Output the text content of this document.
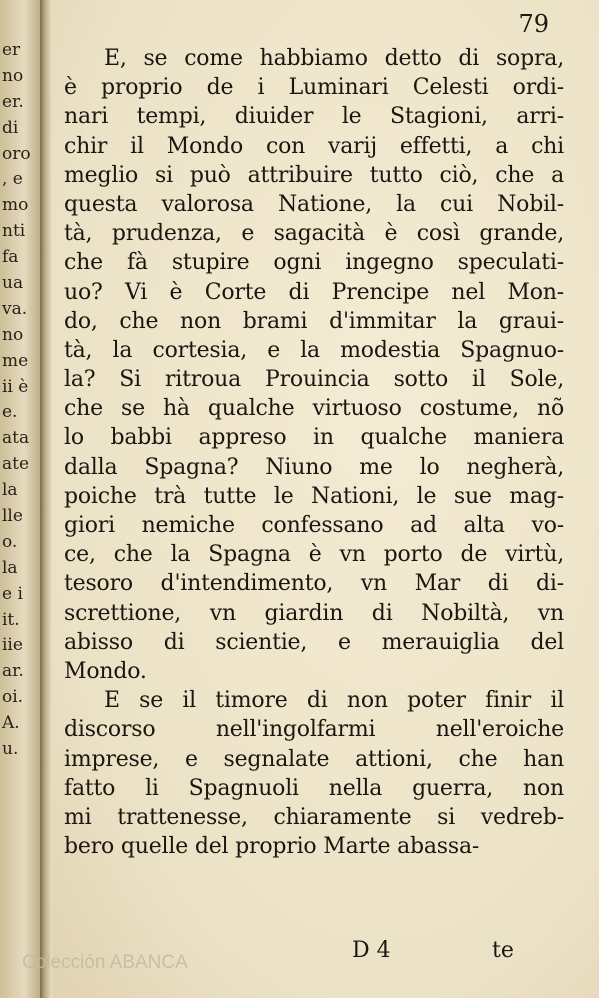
er
no
er.
di
oro
, e
mo
nti
fa
ua
va.
no
me
ii è
e.
ata
ate
la
lle
o.
la
e i
it.
iie
ar.
oi.
A.
u.
79
E, se come habbiamo detto di sopra,
è proprio de i Luminari Celesti ordi-
nari tempi, diuider le Stagioni, arri-
chir il Mondo con varij effetti, a chi
meglio si può attribuire tutto ciò, che a
questa valorosa Natione, la cui Nobil-
tà, prudenza, e sagacità è così grande,
che fà stupire ogni ingegno speculati-
uo? Vi è Corte di Prencipe nel Mon-
do, che non brami d'immitar la graui-
tà, la cortesia, e la modestia Spagnuo-
la? Si ritroua Prouincia sotto il Sole,
che se hà qualche virtuoso costume, nõ
lo babbi appreso in qualche maniera
dalla Spagna? Niuno me lo negherà,
poiche trà tutte le Nationi, le sue mag-
giori nemiche confessano ad alta vo-
ce, che la Spagna è vn porto de virtù,
tesoro d'intendimento, vn Mar di di-
screttione, vn giardin di Nobiltà, vn
abisso di scientie, e merauiglia del
Mondo.
E se il timore di non poter finir il
discorso nell'ingolfarmi nell'eroiche
imprese, e segnalate attioni, che han
fatto li Spagnuoli nella guerra, non
mi trattenesse, chiaramente si vedreb-
bero quelle del proprio Marte abassa-
D 4	te
Colección ABANCA
